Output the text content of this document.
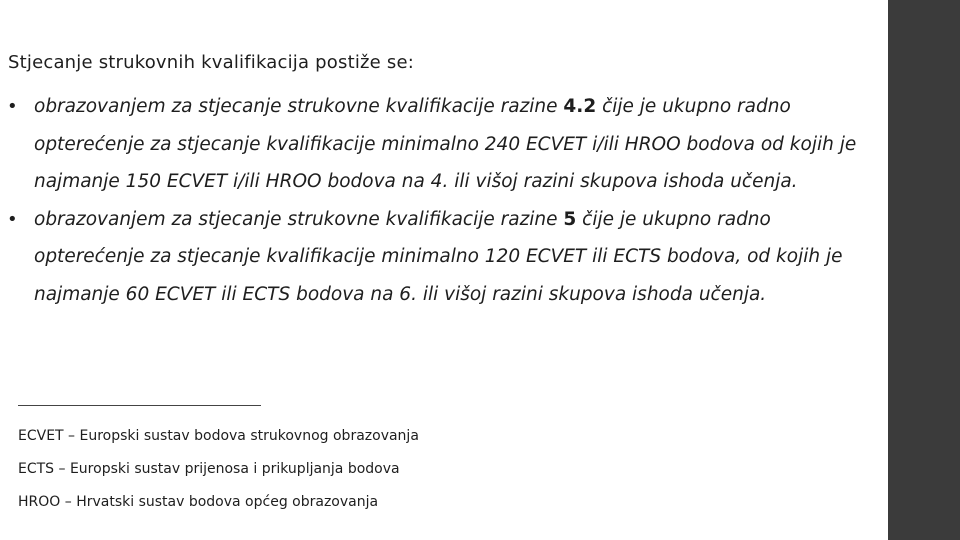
Stjecanje strukovnih kvalifikacija postiže se:
• obrazovanjem za stjecanje strukovne kvalifikacije razine 4.2 čije je ukupno radno opterećenje za stjecanje kvalifikacije minimalno 240 ECVET i/ili HROO bodova od kojih je najmanje 150 ECVET i/ili HROO bodova na 4. ili višoj razini skupova ishoda učenja.
• obrazovanjem za stjecanje strukovne kvalifikacije razine 5 čije je ukupno radno opterećenje za stjecanje kvalifikacije minimalno 120 ECVET ili ECTS bodova, od kojih je najmanje 60 ECVET ili ECTS bodova na 6. ili višoj razini skupova ishoda učenja.
ECVET – Europski sustav bodova strukovnog obrazovanja
ECTS – Europski sustav prijenosa i prikupljanja bodova
HROO – Hrvatski sustav bodova općeg obrazovanja
